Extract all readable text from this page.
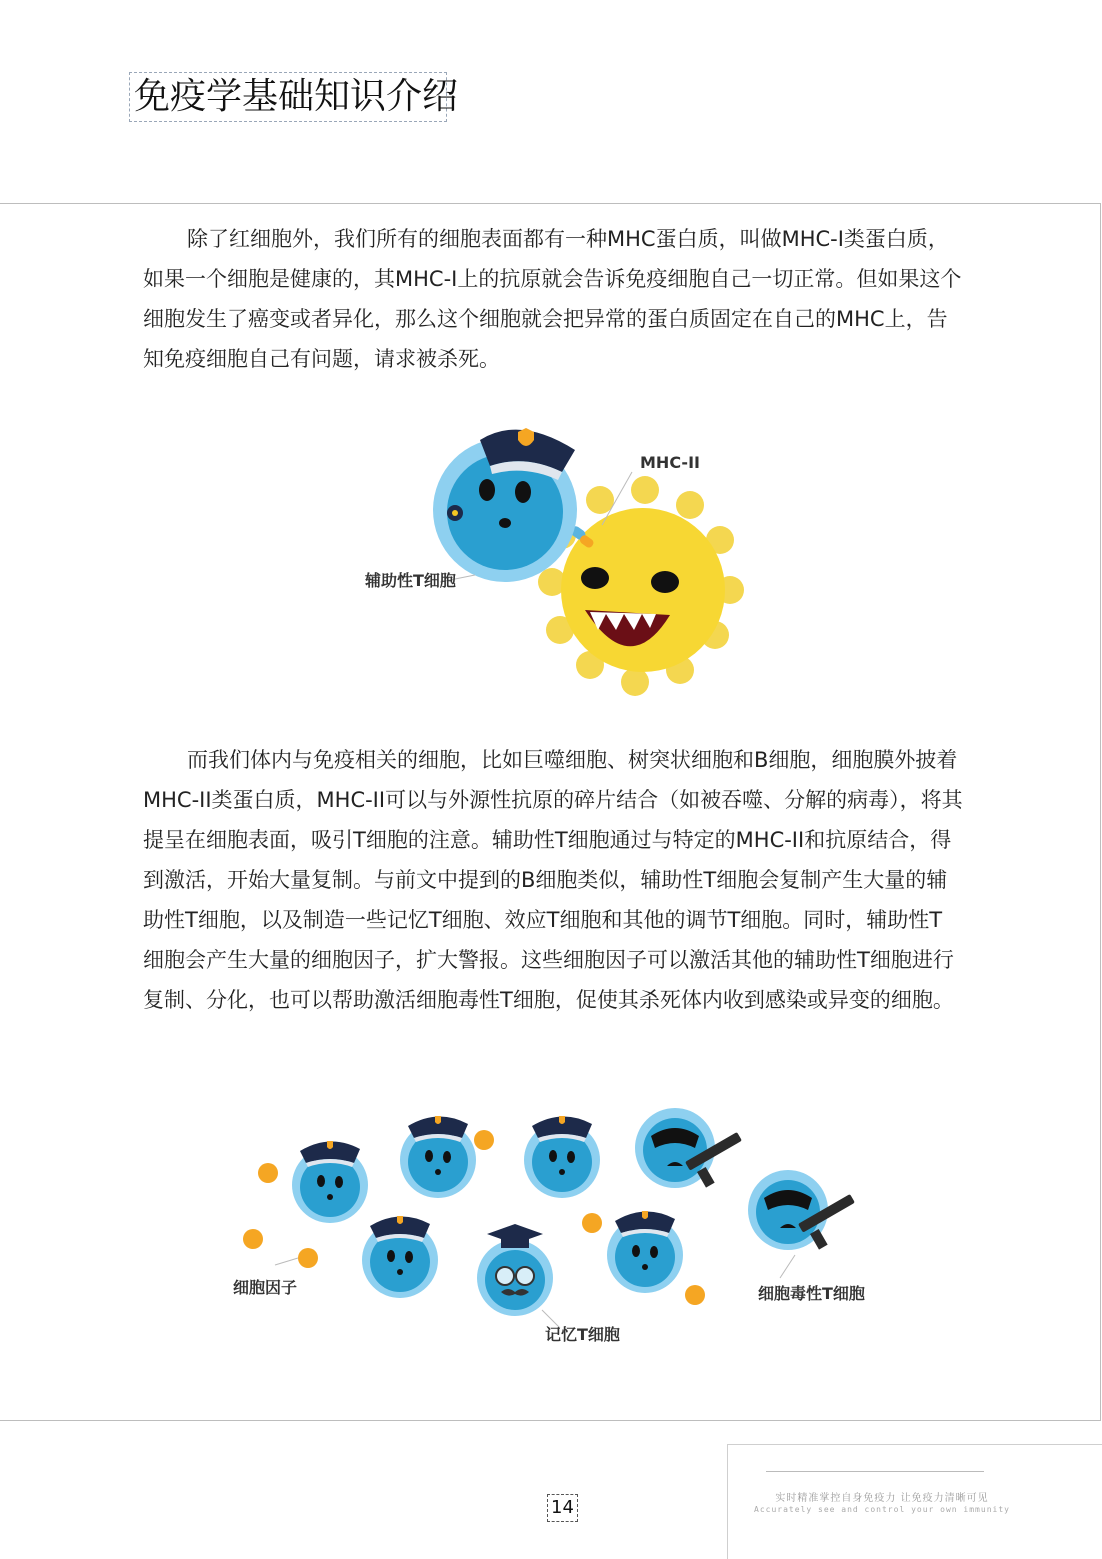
免疫学基础知识介绍

除了红细胞外，我们所有的细胞表面都有一种MHC蛋白质，叫做MHC-I类蛋白质，如果一个细胞是健康的，其MHC-I上的抗原就会告诉免疫细胞自己一切正常。但如果这个细胞发生了癌变或者异化，那么这个细胞就会把异常的蛋白质固定在自己的MHC上，告知免疫细胞自己有问题，请求被杀死。

MHC-II
辅助性T细胞

而我们体内与免疫相关的细胞，比如巨噬细胞、树突状细胞和B细胞，细胞膜外披着MHC-II类蛋白质，MHC-II可以与外源性抗原的碎片结合（如被吞噬、分解的病毒），将其提呈在细胞表面，吸引T细胞的注意。辅助性T细胞通过与特定的MHC-II和抗原结合，得到激活，开始大量复制。与前文中提到的B细胞类似，辅助性T细胞会复制产生大量的辅助性T细胞，以及制造一些记忆T细胞、效应T细胞和其他的调节T细胞。同时，辅助性T细胞会产生大量的细胞因子，扩大警报。这些细胞因子可以激活其他的辅助性T细胞进行复制、分化，也可以帮助激活细胞毒性T细胞，促使其杀死体内收到感染或异变的细胞。

细胞因子
记忆T细胞
细胞毒性T细胞
14	实时精准掌控自身免疫力 让免疫力清晰可见
Accurately see and control your own immunity
